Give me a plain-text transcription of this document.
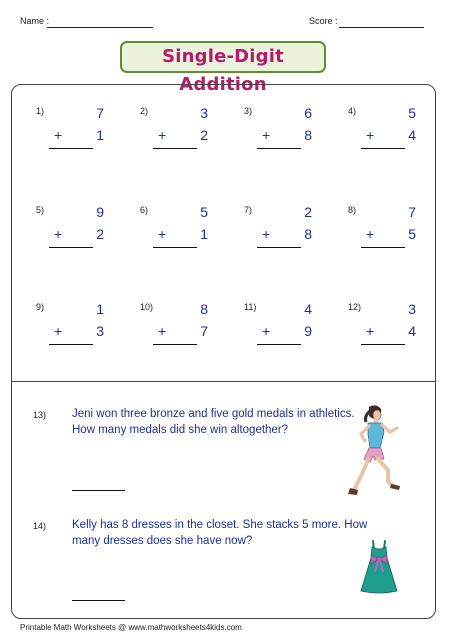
Name :	Score :
Single-Digit Addition
1)	7
+ 1
2)	3
+ 2
3)	6
+ 8
4)	5
+ 4
5)	9
+ 2
6)	5
+ 1
7)	2
+ 8
8)	7
+ 5
9)	1
+ 3
10)	8
+ 7
11)	4
+ 9
12)	3
+ 4
13) Jeni won three bronze and five gold medals in athletics.
How many medals did she win altogether?
14) Kelly has 8 dresses in the closet. She stacks 5 more. How
many dresses does she have now?
Printable Math Worksheets @ www.mathworksheets4kids.com
